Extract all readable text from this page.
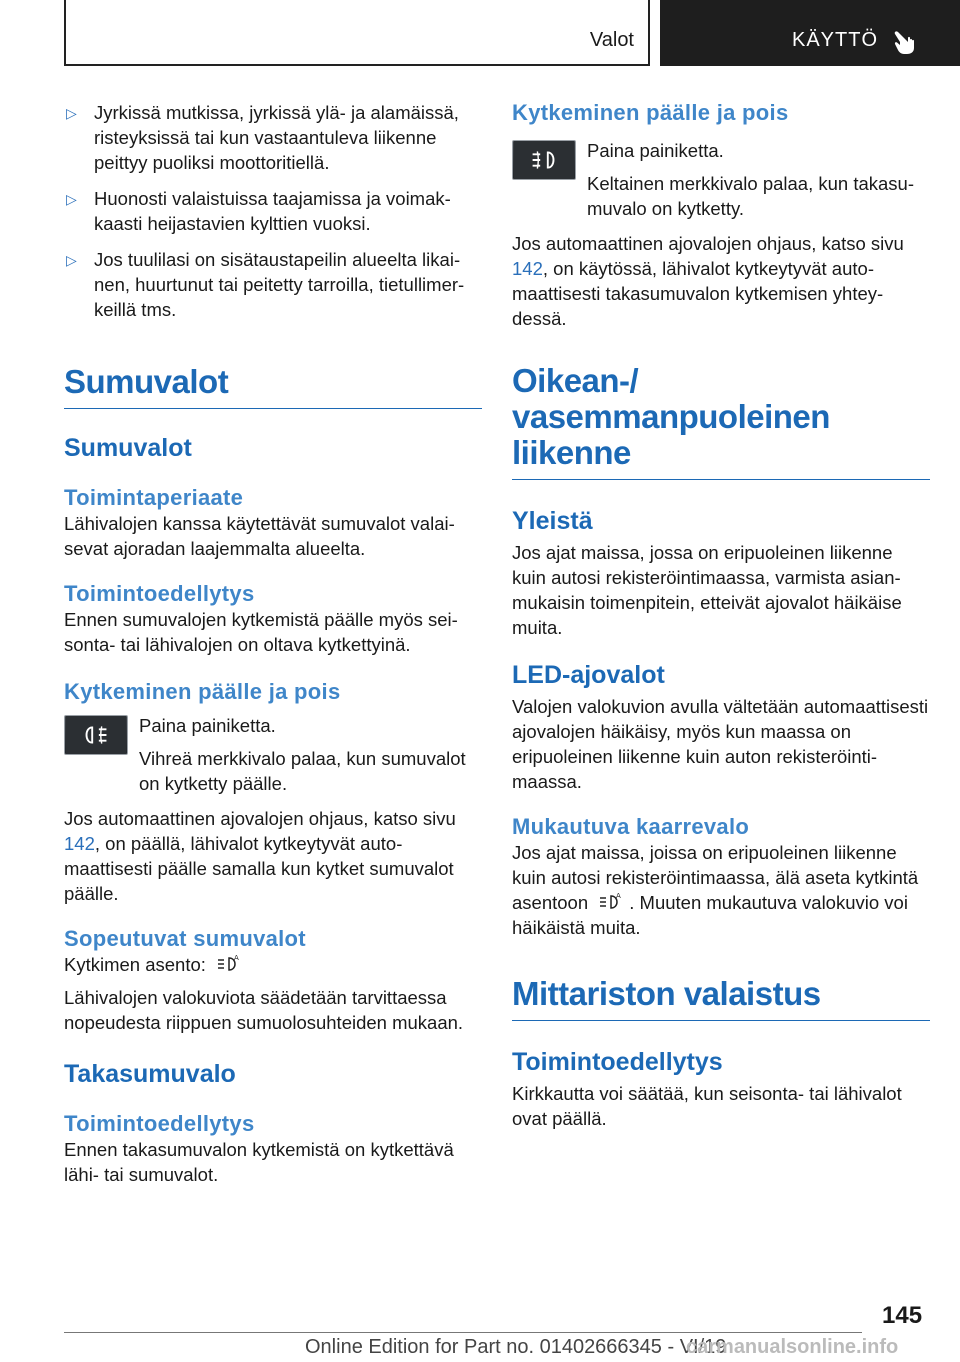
Valot	KÄYTTÖ
▷ Jyrkissä mutkissa, jyrkissä ylä- ja alamäissä, risteyksissä tai kun vastaantuleva liikenne peittyy puoliksi moottoritiellä.
▷ Huonosti valaistuissa taajamissa ja voimakkaasti heijastavien kylttien vuoksi.
▷ Jos tuulilasi on sisätaustapeilin alueelta likainen, huurtunut tai peitetty tarroilla, tietullimerkeillä tms.
Sumuvalot
Sumuvalot
Toimintaperiaate

Lähivalojen kanssa käytettävät sumuvalot valaisevat ajoradan laajemmalta alueelta.

Toimintoedellytys

Ennen sumuvalojen kytkemistä päälle myös seisonta- tai lähivalojen on oltava kytkettyinä.

Kytkeminen päälle ja pois

Paina painiketta.

Vihreä merkkivalo palaa, kun sumuvalot on kytketty päälle.

Jos automaattinen ajovalojen ohjaus, katso sivu 142, on päällä, lähivalot kytkeytyvät automaattisesti päälle samalla kun kytket sumuvalot päälle.

Sopeutuvat sumuvalot

Kytkimen asento:	A

Lähivalojen valokuviota säädetään tarvittaessa nopeudesta riippuen sumuolosuhteiden mukaan.

Takasumuvalo
Toimintoedellytys

Ennen takasumuvalon kytkemistä on kytkettävä lähi- tai sumuvalot.

Kytkeminen päälle ja pois

Paina painiketta.

Keltainen merkkivalo palaa, kun takasumuvalo on kytketty.

Jos automaattinen ajovalojen ohjaus, katso sivu 142, on käytössä, lähivalot kytkeytyvät automaattisesti takasumuvalon kytkemisen yhteydessä.

Oikean-/ vasemmanpuoleinen liikenne
Yleistä

Jos ajat maissa, jossa on eripuoleinen liikenne kuin autosi rekisteröintimaassa, varmista asianmukaisin toimenpitein, etteivät ajovalot häikäise muita.

LED-ajovalot

Valojen valokuvion avulla vältetään automaattisesti ajovalojen häikäisy, myös kun maassa on eripuoleinen liikenne kuin auton rekisteröintimaassa.

Mukautuva kaarrevalo

Jos ajat maissa, joissa on eripuoleinen liikenne kuin autosi rekisteröintimaassa, älä aseta kytkintä asentoon	A . Muuten mukautuva valokuvio voi häikäistä muita.

Mittariston valaistus
Toimintoedellytys

Kirkkautta voi säätää, kun seisonta- tai lähivalot ovat päällä.

145
Online Edition for Part no. 01402666345 - VI/19
carmanualsonline.info
